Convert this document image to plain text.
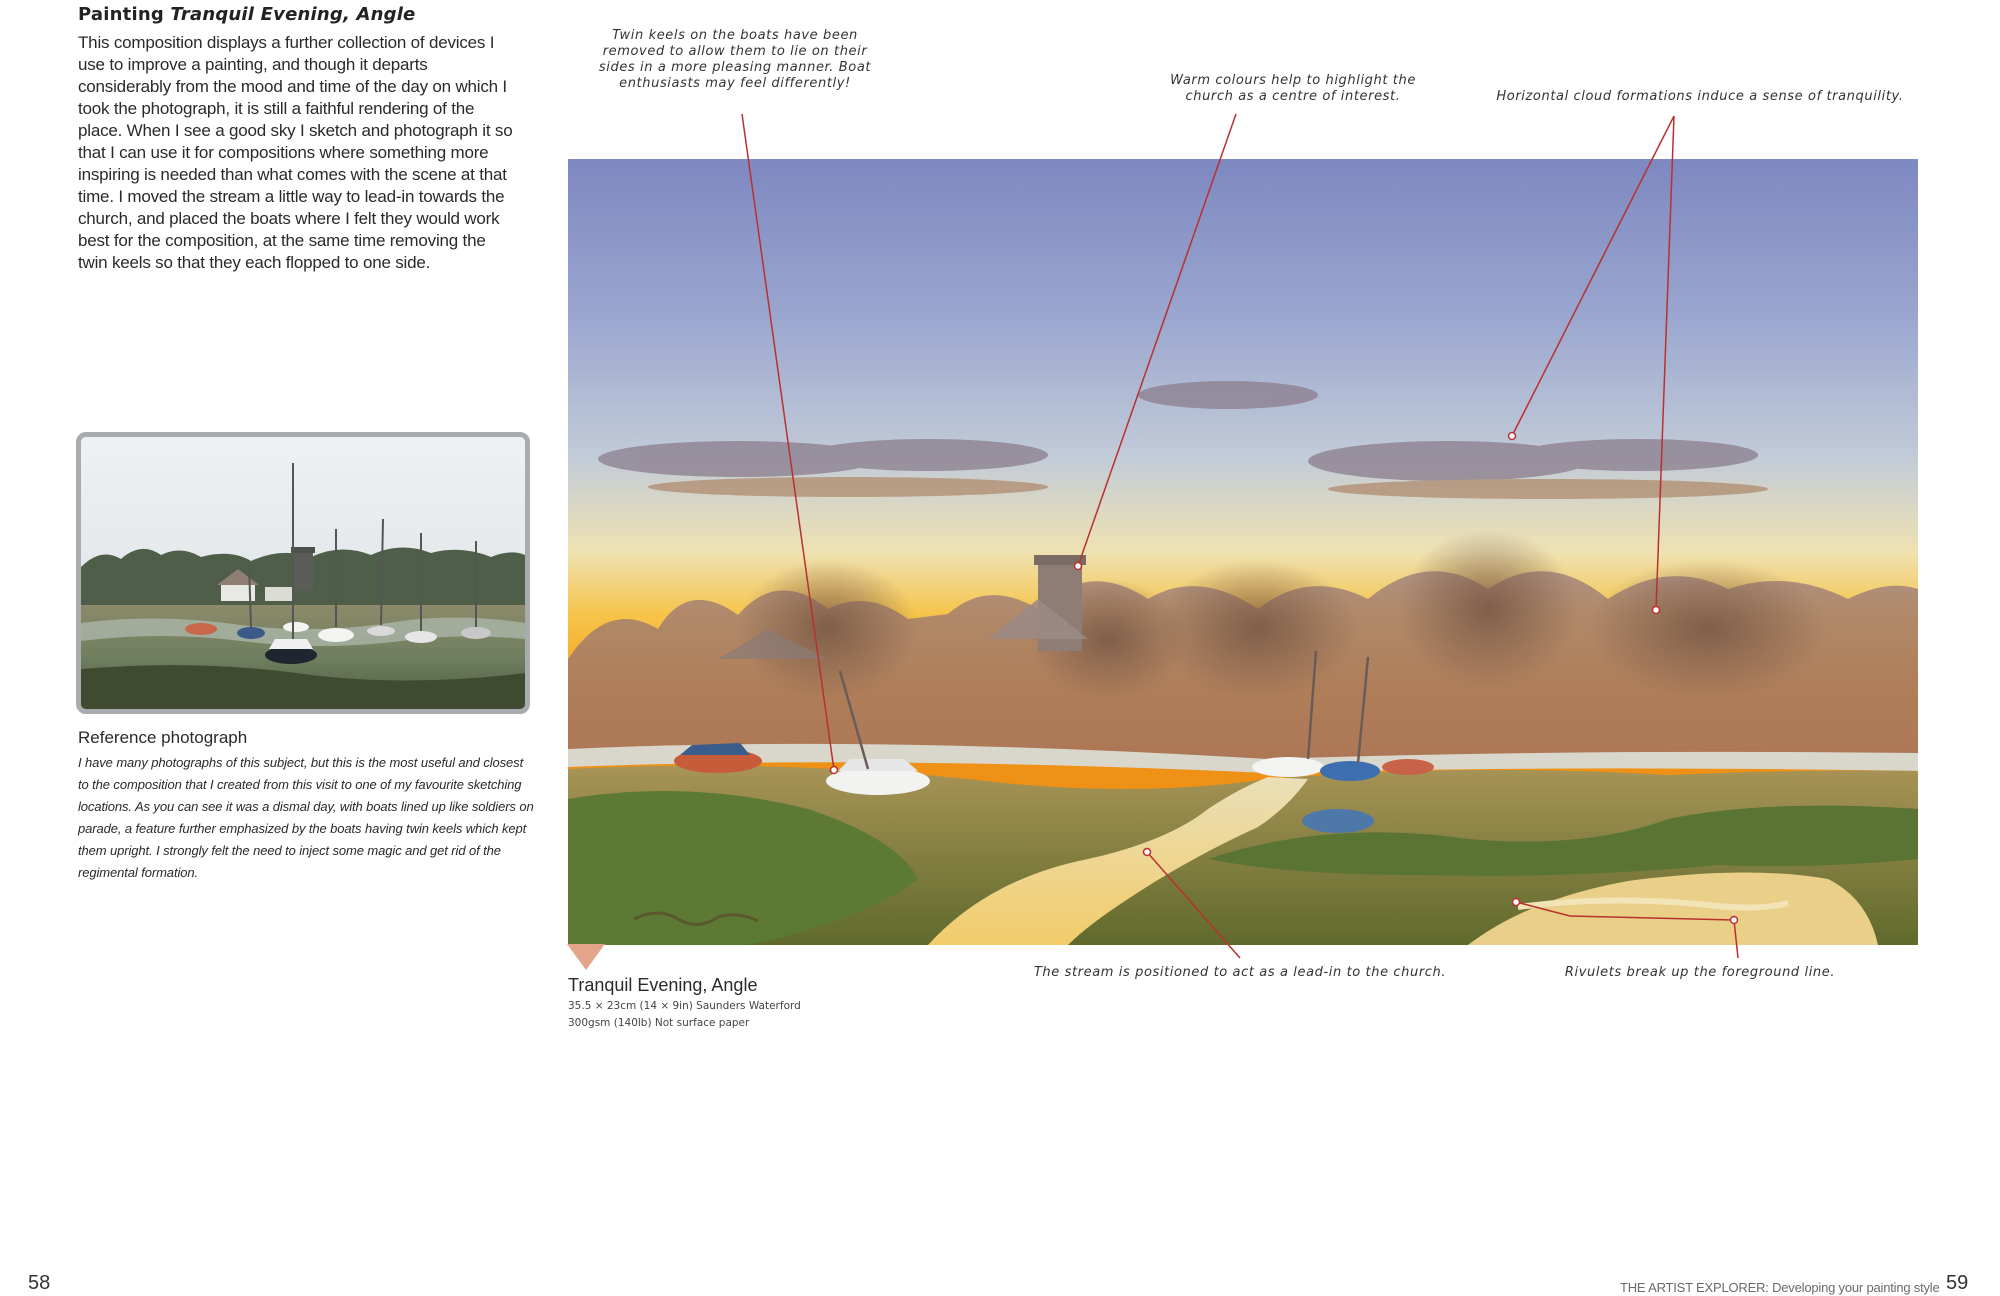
Painting Tranquil Evening, Angle

This composition displays a further collection of devices I use to improve a painting, and though it departs considerably from the mood and time of the day on which I took the photograph, it is still a faithful rendering of the place. When I see a good sky I sketch and photograph it so that I can use it for compositions where something more inspiring is needed than what comes with the scene at that time. I moved the stream a little way to lead-in towards the church, and placed the boats where I felt they would work best for the composition, at the same time removing the twin keels so that they each flopped to one side.

Reference photograph

I have many photographs of this subject, but this is the most useful and closest to the composition that I created from this visit to one of my favourite sketching locations. As you can see it was a dismal day, with boats lined up like soldiers on parade, a feature further emphasized by the boats having twin keels which kept them upright. I strongly felt the need to inject some magic and get rid of the regimental formation.

Twin keels on the boats have been removed to allow them to lie on their sides in a more pleasing manner. Boat enthusiasts may feel differently!	Warm colours help to highlight the church as a centre of interest.	Horizontal cloud formations induce a sense of tranquility.
The stream is positioned to act as a lead-in to the church.	Rivulets break up the foreground line.
Tranquil Evening, Angle
35.5 × 23cm (14 × 9in) Saunders Waterford
300gsm (140lb) Not surface paper
58	THE ARTIST EXPLORER: Developing your painting style 59
